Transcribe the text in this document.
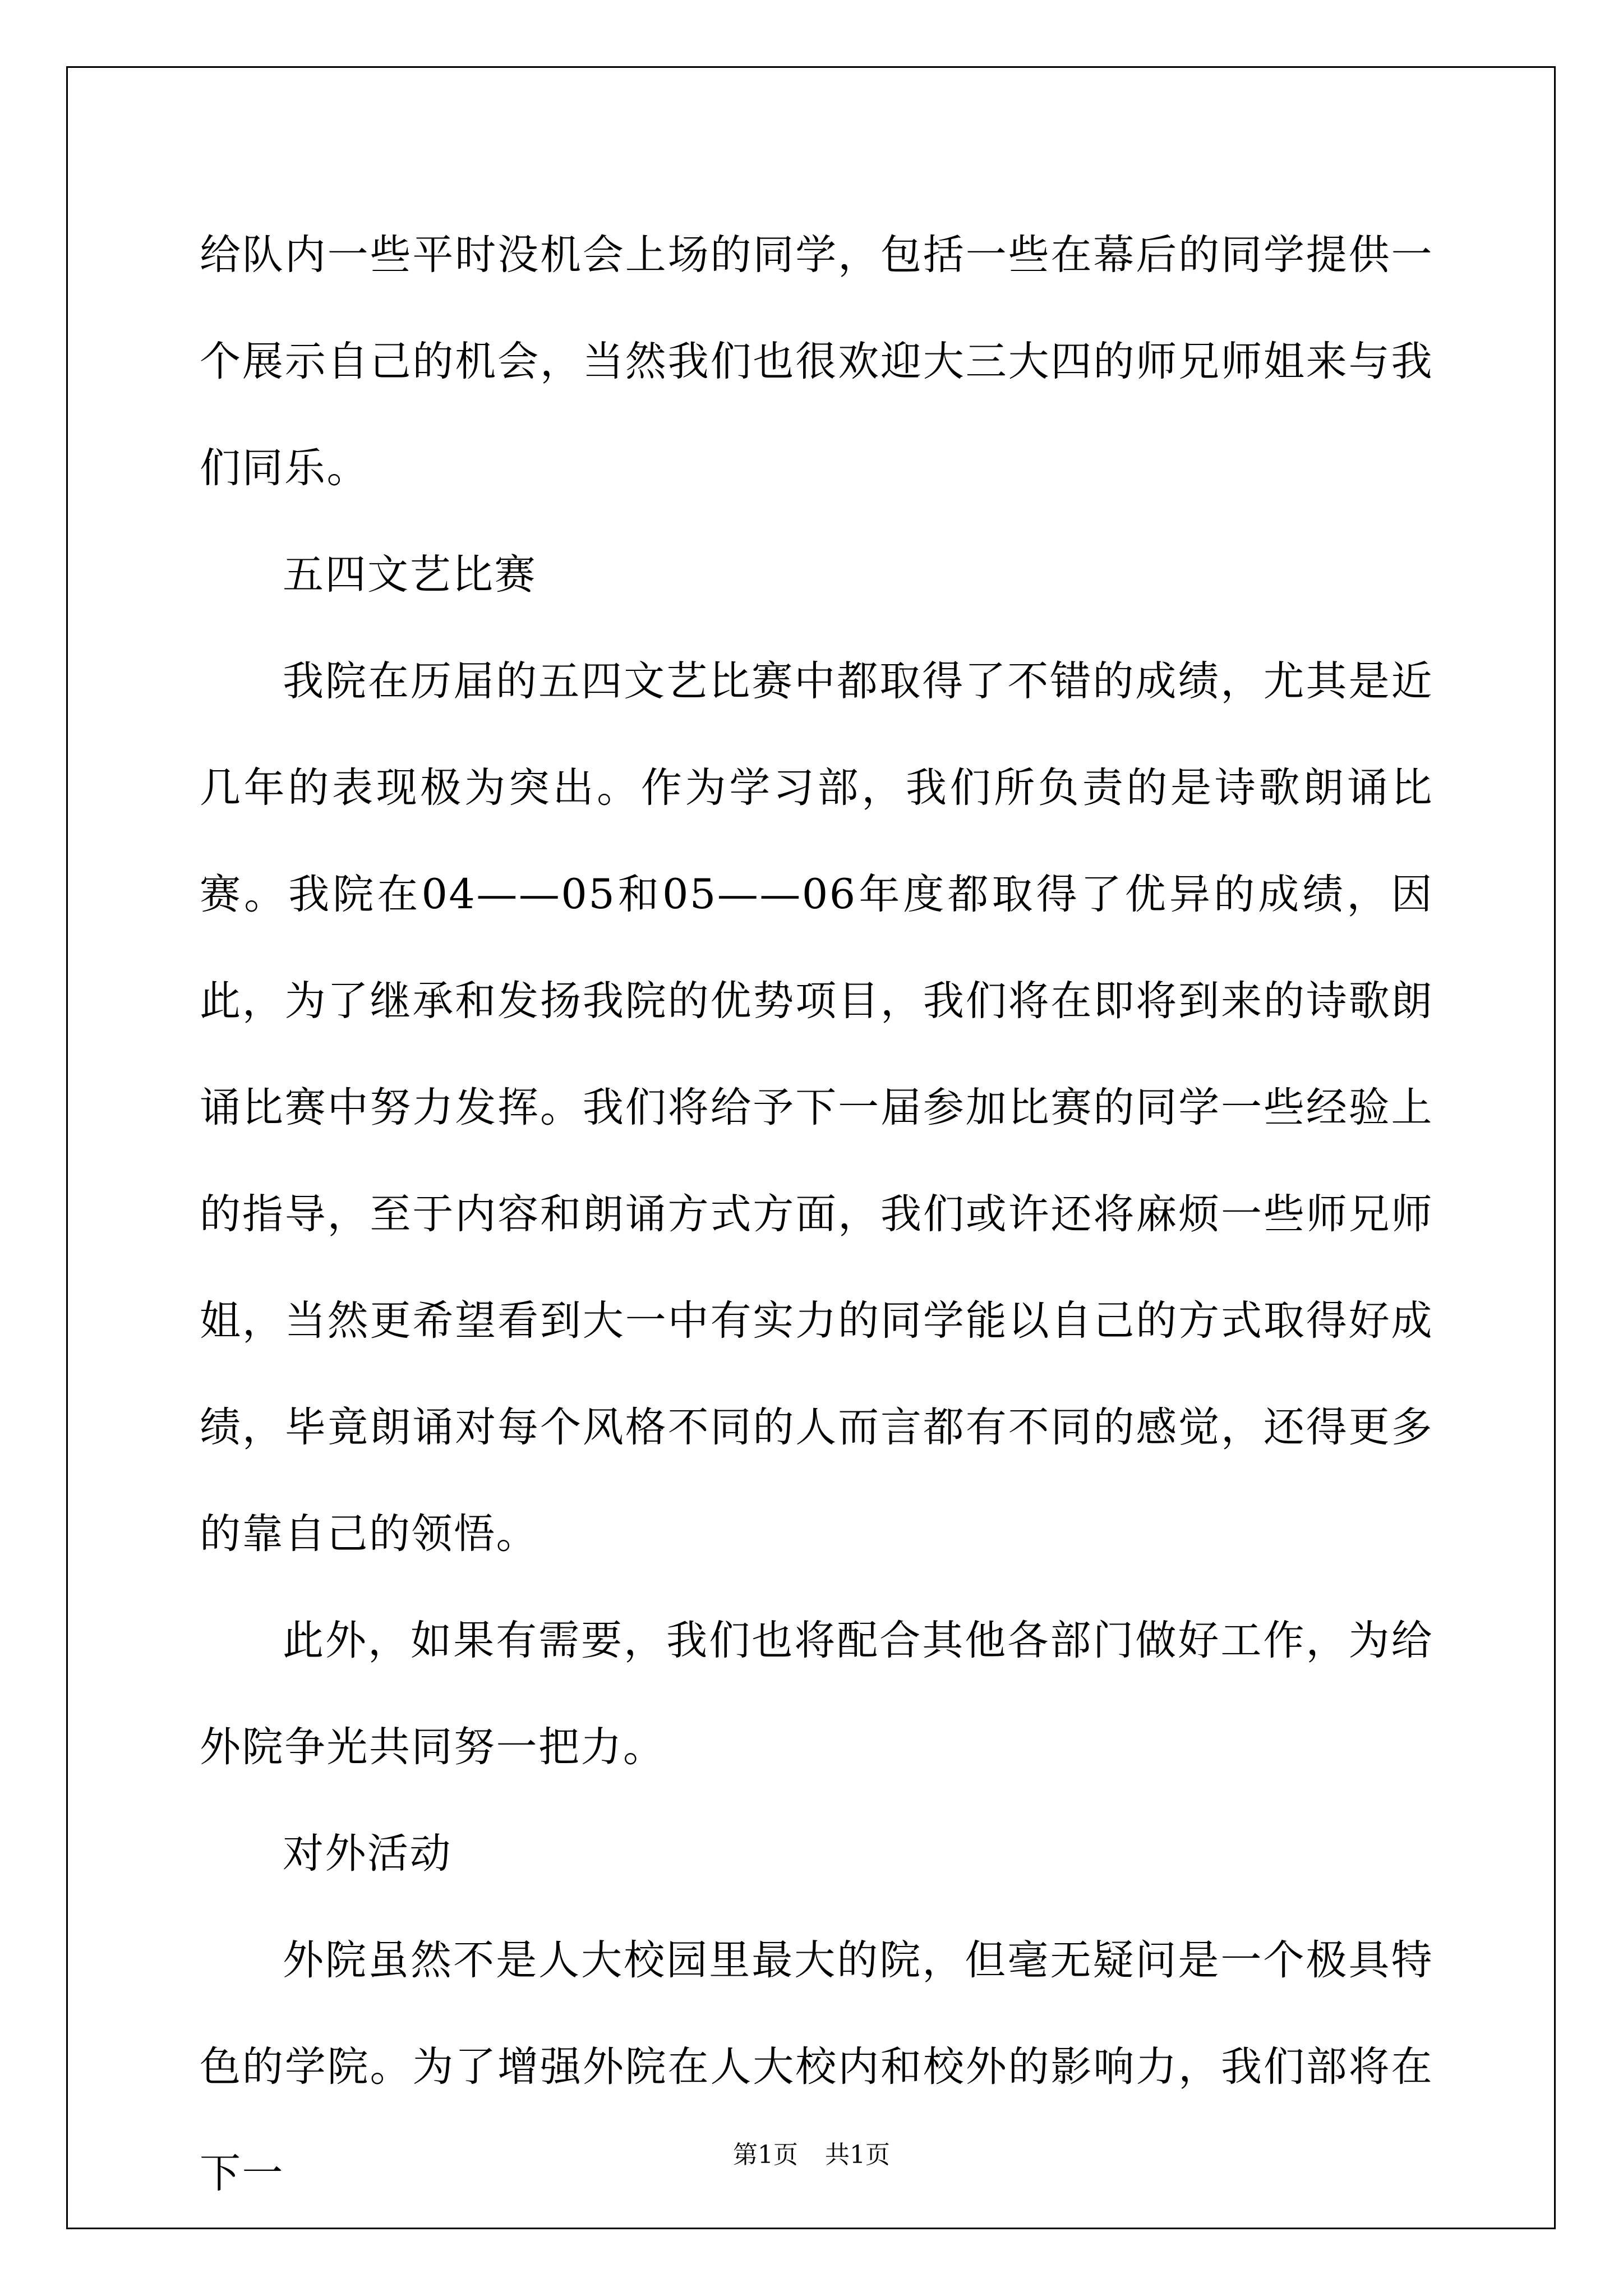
给队内一些平时没机会上场的同学，包括一些在幕后的同学提供一个展示自己的机会，当然我们也很欢迎大三大四的师兄师姐来与我们同乐。

五四文艺比赛

我院在历届的五四文艺比赛中都取得了不错的成绩，尤其是近几年的表现极为突出。作为学习部，我们所负责的是诗歌朗诵比赛。我院在04——05和05——06年度都取得了优异的成绩，因此，为了继承和发扬我院的优势项目，我们将在即将到来的诗歌朗诵比赛中努力发挥。我们将给予下一届参加比赛的同学一些经验上的指导，至于内容和朗诵方式方面，我们或许还将麻烦一些师兄师姐，当然更希望看到大一中有实力的同学能以自己的方式取得好成绩，毕竟朗诵对每个风格不同的人而言都有不同的感觉，还得更多的靠自己的领悟。

此外，如果有需要，我们也将配合其他各部门做好工作，为给外院争光共同努一把力。

对外活动

外院虽然不是人大校园里最大的院，但毫无疑问是一个极具特色的学院。为了增强外院在人大校内和校外的影响力，我们部将在下一	第1页 共1页
